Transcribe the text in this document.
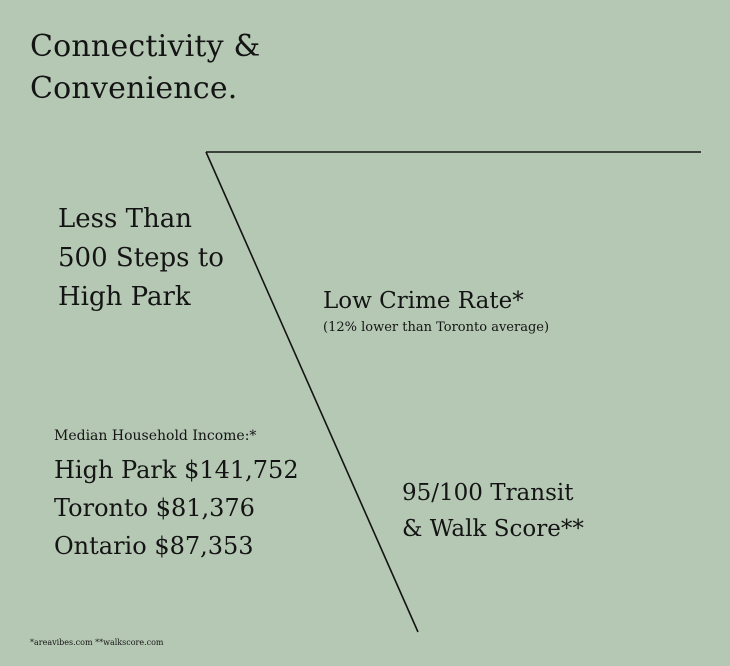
Connectivity &
Convenience.
Less Than
500 Steps to
High Park	Low Crime Rate*
(12% lower than Toronto average)
Median Household Income:*
High Park $141,752
Toronto $81,376
Ontario $87,353
95/100 Transit
& Walk Score**
*areavibes.com **walkscore.com
